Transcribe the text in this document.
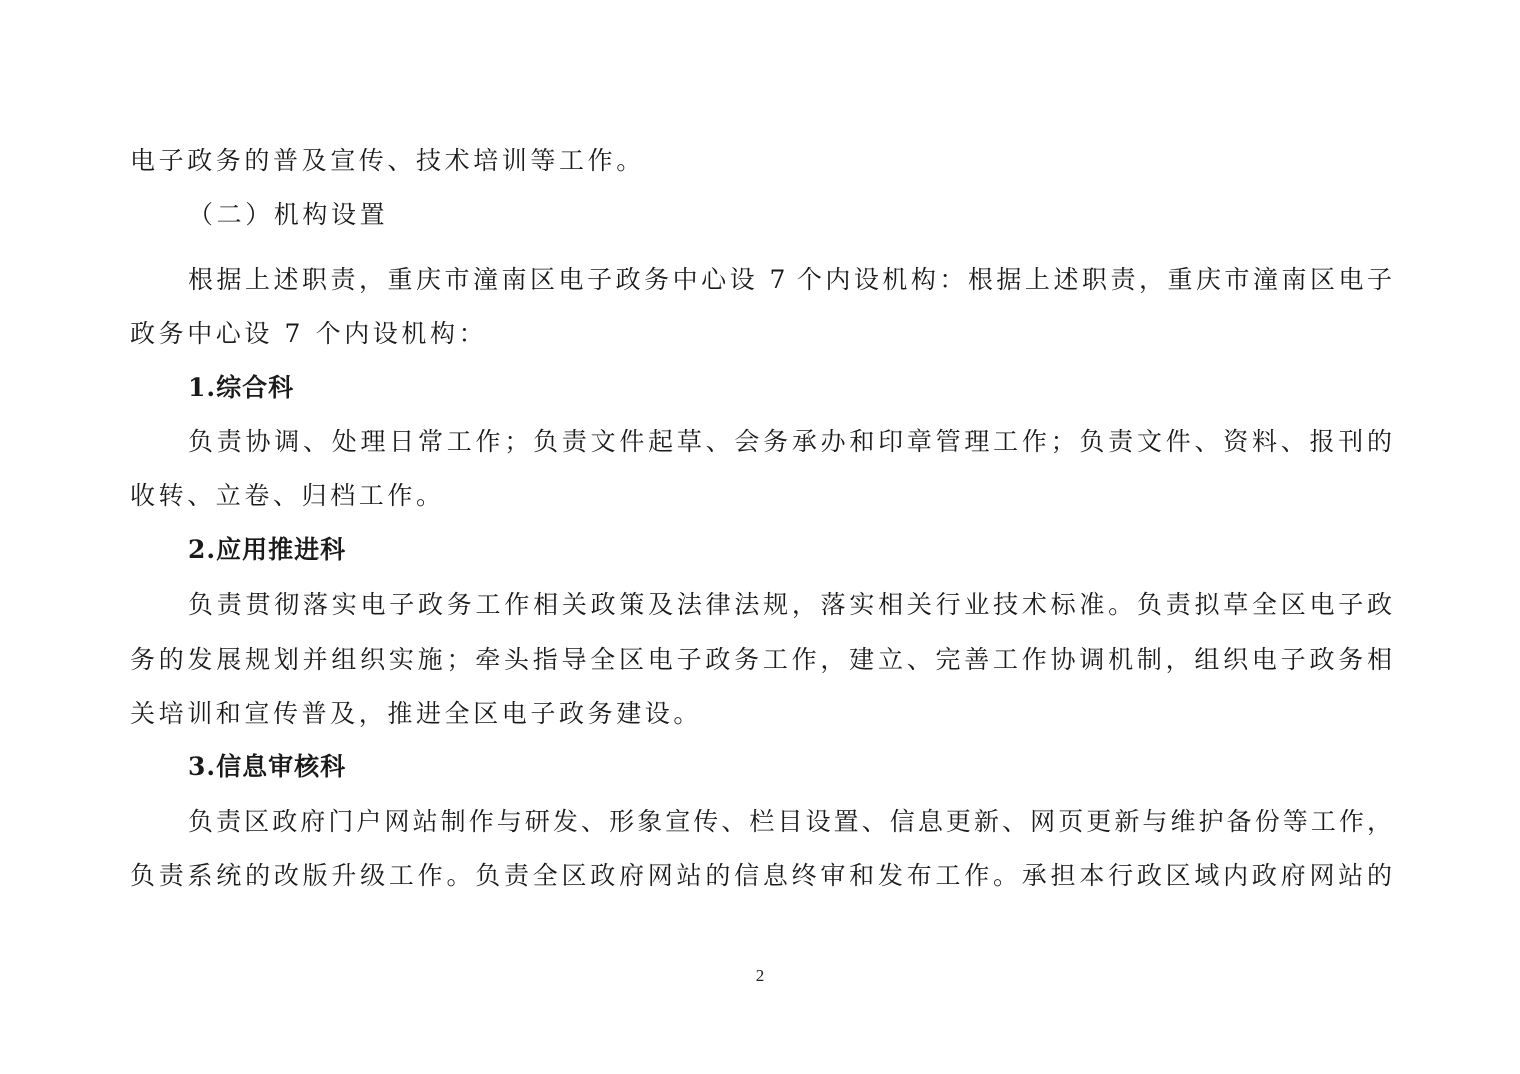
电子政务的普及宣传、技术培训等工作。
（二）机构设置
根据上述职责，重庆市潼南区电子政务中心设 7 个内设机构：根据上述职责，重庆市潼南区电子
政务中心设 7 个内设机构：
1.综合科
负责协调、处理日常工作；负责文件起草、会务承办和印章管理工作；负责文件、资料、报刊的
收转、立卷、归档工作。
2.应用推进科
负责贯彻落实电子政务工作相关政策及法律法规，落实相关行业技术标准。负责拟草全区电子政
务的发展规划并组织实施；牵头指导全区电子政务工作，建立、完善工作协调机制，组织电子政务相
关培训和宣传普及，推进全区电子政务建设。
3.信息审核科
负责区政府门户网站制作与研发、形象宣传、栏目设置、信息更新、网页更新与维护备份等工作，
负责系统的改版升级工作。负责全区政府网站的信息终审和发布工作。承担本行政区域内政府网站的
2
